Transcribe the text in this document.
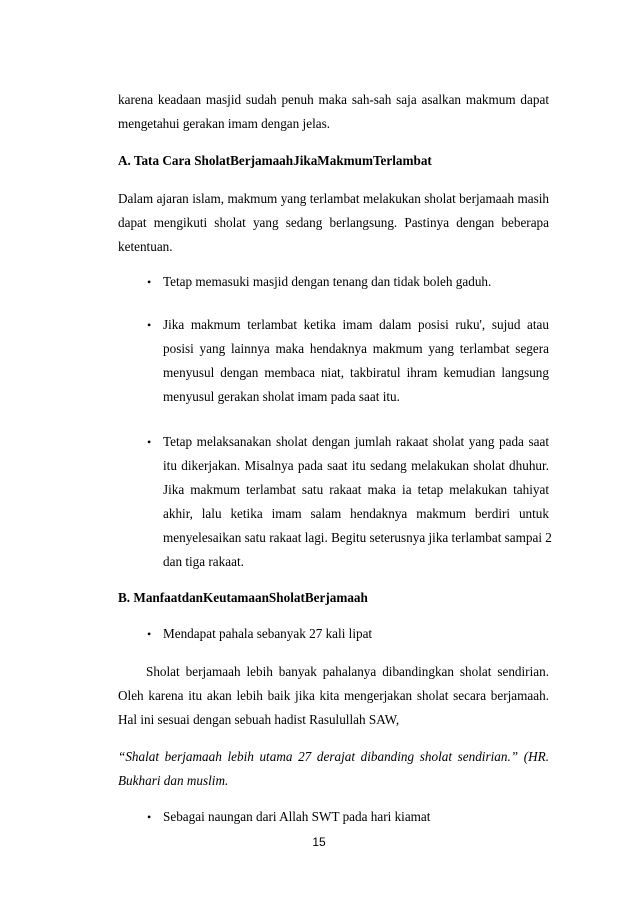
karena keadaan masjid sudah penuh maka sah-sah saja asalkan makmum dapat
mengetahui gerakan imam dengan jelas.
A. Tata Cara SholatBerjamaahJikaMakmumTerlambat
Dalam ajaran islam, makmum yang terlambat melakukan sholat berjamaah masih
dapat mengikuti sholat yang sedang berlangsung. Pastinya dengan beberapa
ketentuan.
• Tetap memasuki masjid dengan tenang dan tidak boleh gaduh.
• Jika makmum terlambat ketika imam dalam posisi ruku', sujud atau
posisi yang lainnya maka hendaknya makmum yang terlambat segera
menyusul dengan membaca niat, takbiratul ihram kemudian langsung
menyusul gerakan sholat imam pada saat itu.
• Tetap melaksanakan sholat dengan jumlah rakaat sholat yang pada saat
itu dikerjakan. Misalnya pada saat itu sedang melakukan sholat dhuhur.
Jika makmum terlambat satu rakaat maka ia tetap melakukan tahiyat
akhir, lalu ketika imam salam hendaknya makmum berdiri untuk
menyelesaikan satu rakaat lagi. Begitu seterusnya jika terlambat sampai 2
dan tiga rakaat.
B. ManfaatdanKeutamaanSholatBerjamaah
• Mendapat pahala sebanyak 27 kali lipat
Sholat berjamaah lebih banyak pahalanya dibandingkan sholat sendirian.
Oleh karena itu akan lebih baik jika kita mengerjakan sholat secara berjamaah.
Hal ini sesuai dengan sebuah hadist Rasulullah SAW,
“Shalat berjamaah lebih utama 27 derajat dibanding sholat sendirian.” (HR.
Bukhari dan muslim.
• Sebagai naungan dari Allah SWT pada hari kiamat
15
